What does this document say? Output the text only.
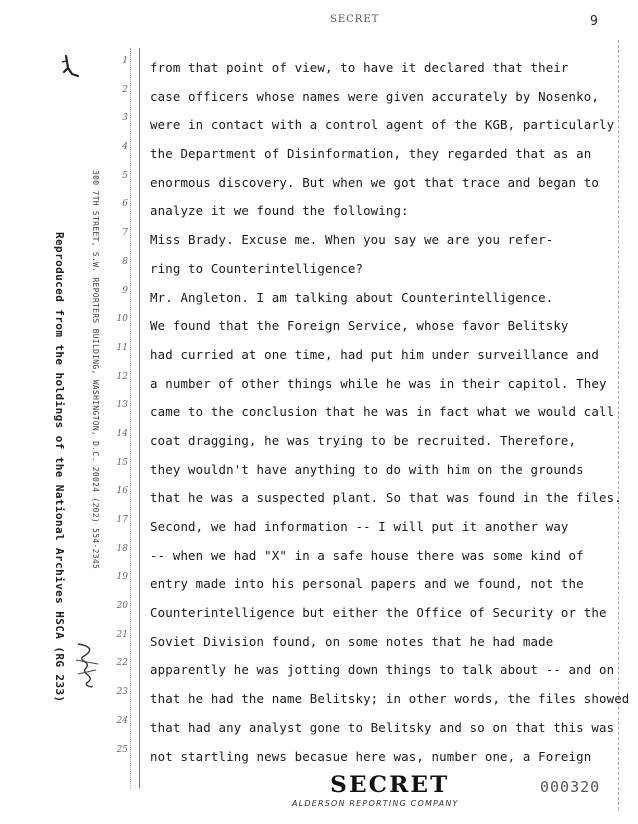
SECRET	9
300 7TH STREET, S.W. REPORTERS BUILDING, WASHINGTON, D.C. 20024 (202) 554-2345
Reproduced from the holdings of the National Archives HSCA (RG 233)
1
2
3
4
5
6
7
8
9
10
11
12
13
14
15
16
17
18
19
20
21
22
23
24
25
from that point of view, to have it declared that their
case officers whose names were given accurately by Nosenko,
were in contact with a control agent of the KGB, particularly
the Department of Disinformation, they regarded that as an
enormous discovery. But when we got that trace and began to
analyze it we found the following:
Miss Brady. Excuse me. When you say we are you refer-
ring to Counterintelligence?
Mr. Angleton. I am talking about Counterintelligence.
We found that the Foreign Service, whose favor Belitsky
had curried at one time, had put him under surveillance and
a number of other things while he was in their capitol. They
came to the conclusion that he was in fact what we would call
coat dragging, he was trying to be recruited. Therefore,
they wouldn't have anything to do with him on the grounds
that he was a suspected plant. So that was found in the files.
Second, we had information -- I will put it another way
-- when we had "X" in a safe house there was some kind of
entry made into his personal papers and we found, not the
Counterintelligence but either the Office of Security or the
Soviet Division found, on some notes that he had made
apparently he was jotting down things to talk about -- and on
that he had the name Belitsky; in other words, the files showed
that had any analyst gone to Belitsky and so on that this was
not startling news becasue here was, number one, a Foreign
SECRET
ALDERSON REPORTING COMPANY
000320
